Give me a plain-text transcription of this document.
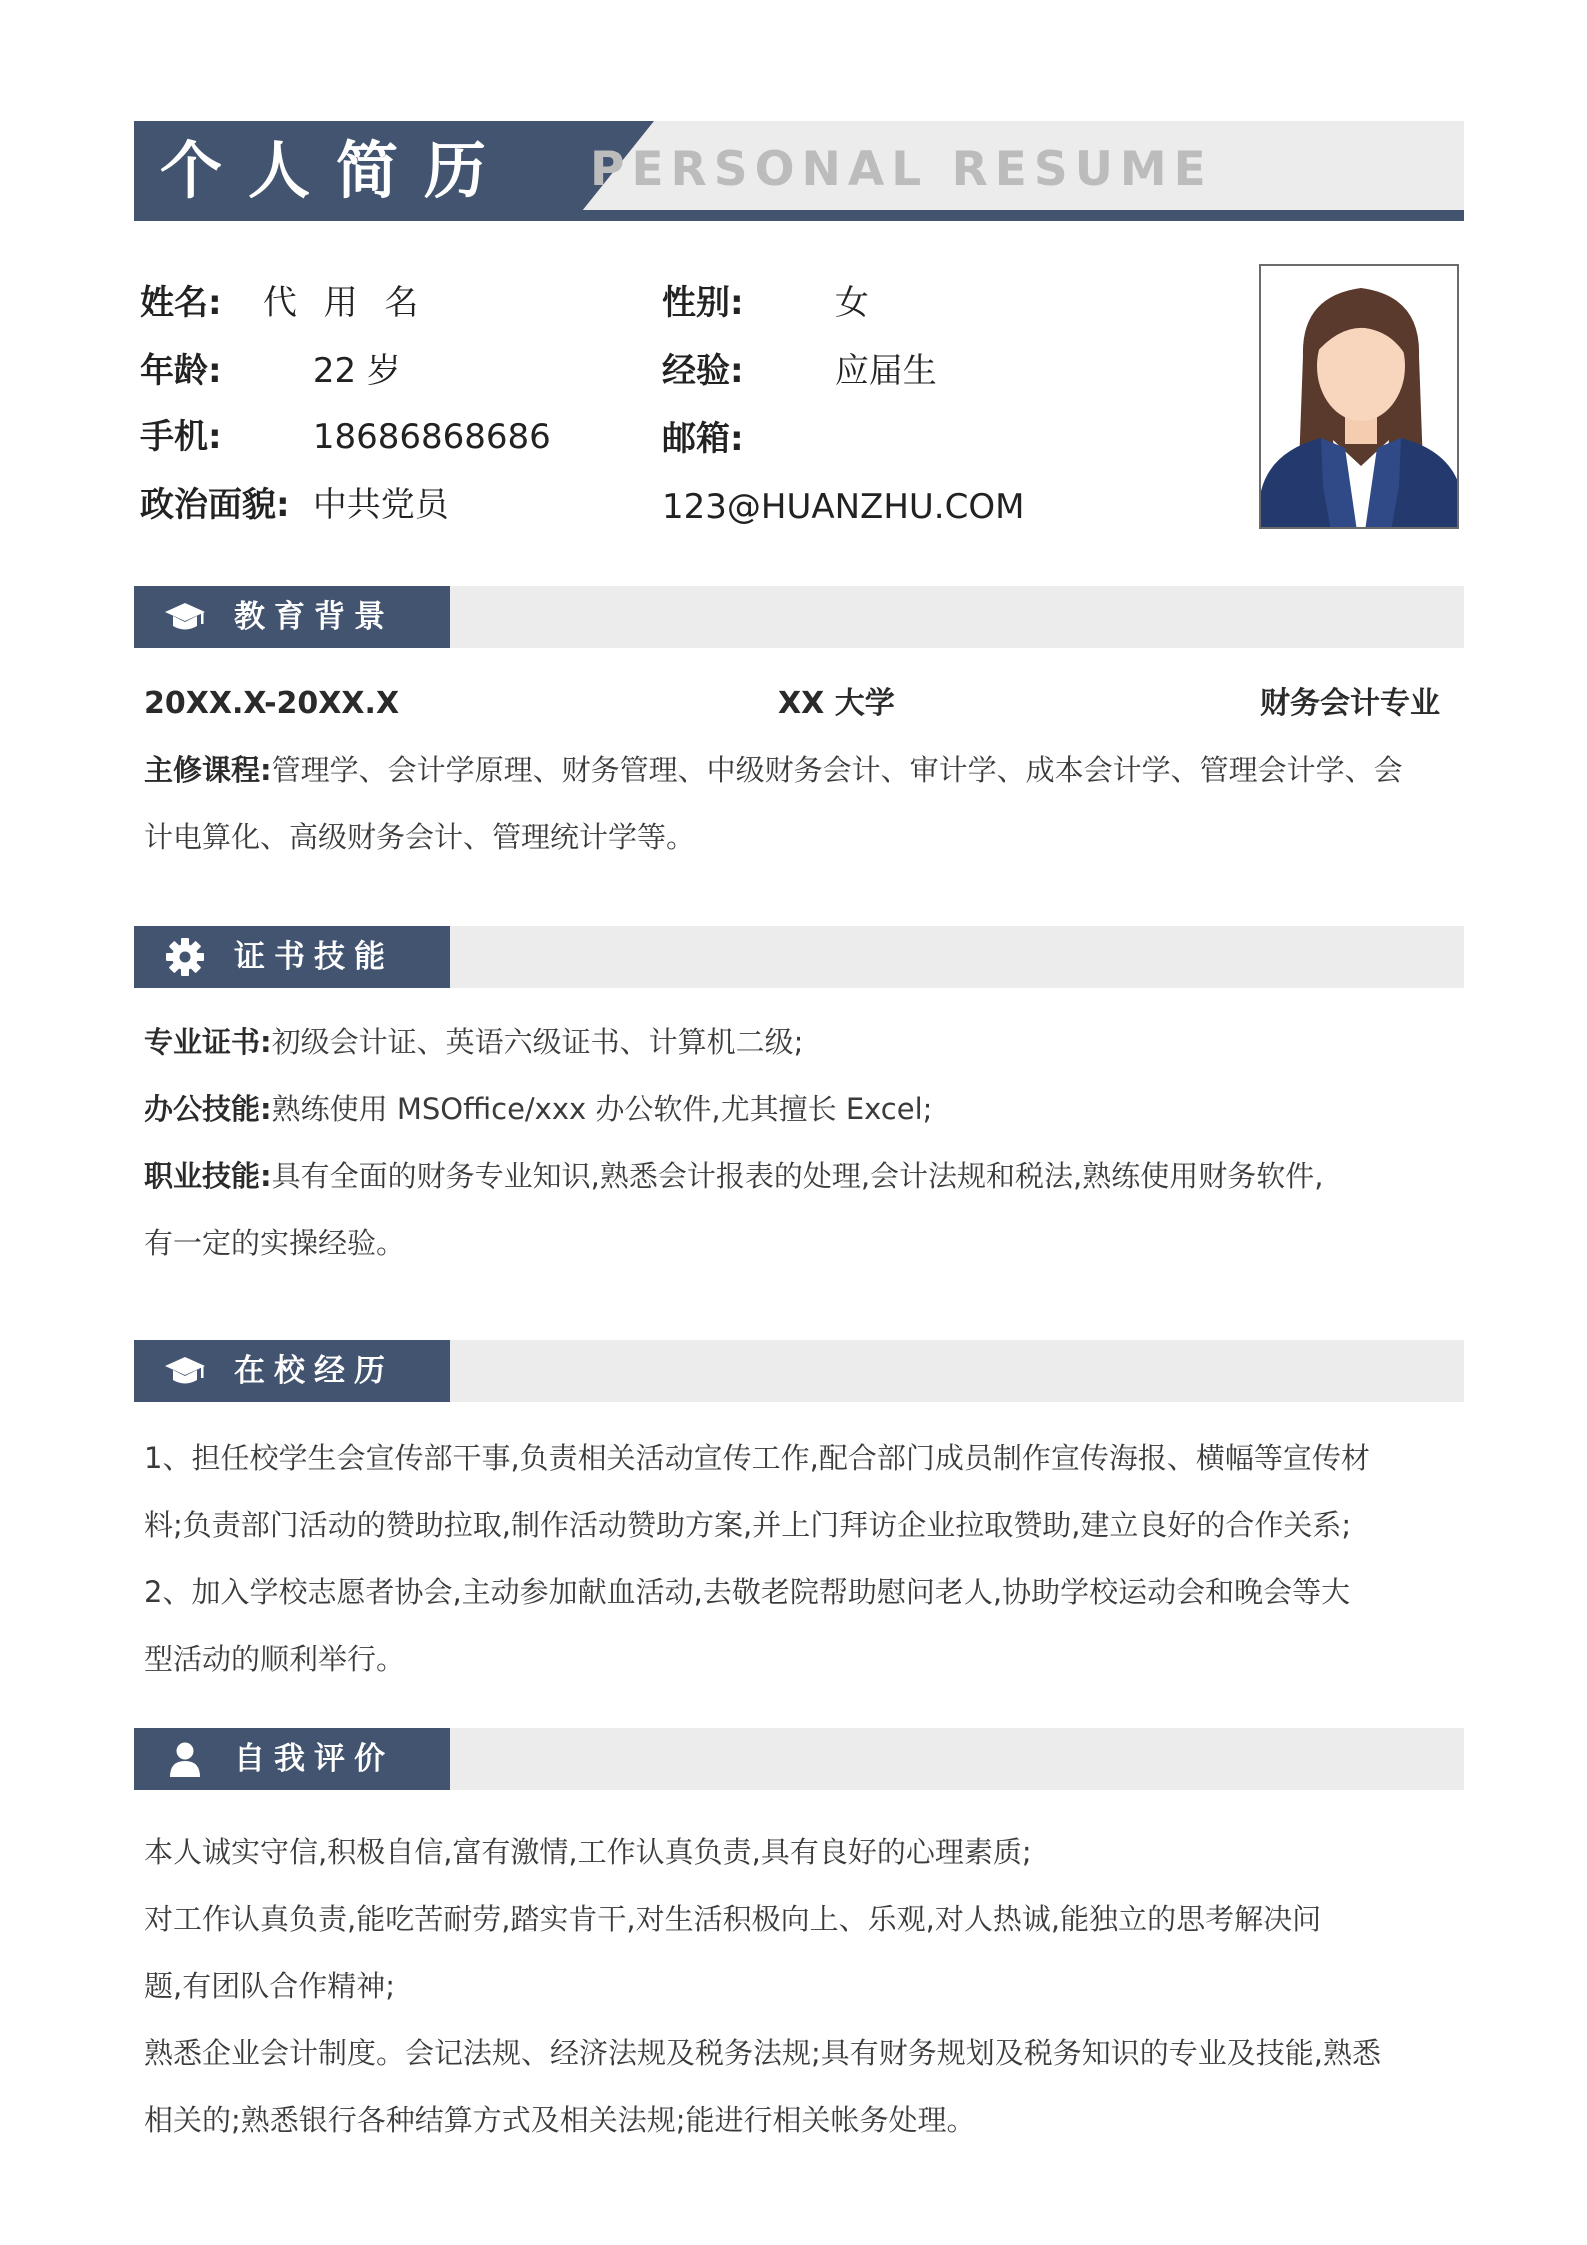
个人简历 PERSONAL RESUME
姓名: 代 用 名	性别:	女
年龄:	22 岁	经验:	应届生
手机:	18686868686	邮箱:
政治面貌: 中共党员	123@HUANZHU.COM
教育背景
20XX.X-20XX.X	XX 大学	财务会计专业
主修课程:管理学、会计学原理、财务管理、中级财务会计、审计学、成本会计学、管理会计学、会
计电算化、高级财务会计、管理统计学等。
证书技能
专业证书:初级会计证、英语六级证书、计算机二级;
办公技能:熟练使用 MSOffice/xxx 办公软件,尤其擅长 Excel;
职业技能:具有全面的财务专业知识,熟悉会计报表的处理,会计法规和税法,熟练使用财务软件,
有一定的实操经验。
在校经历
1、担任校学生会宣传部干事,负责相关活动宣传工作,配合部门成员制作宣传海报、横幅等宣传材
料;负责部门活动的赞助拉取,制作活动赞助方案,并上门拜访企业拉取赞助,建立良好的合作关系;
2、加入学校志愿者协会,主动参加献血活动,去敬老院帮助慰问老人,协助学校运动会和晚会等大
型活动的顺利举行。
自我评价
本人诚实守信,积极自信,富有激情,工作认真负责,具有良好的心理素质;
对工作认真负责,能吃苦耐劳,踏实肯干,对生活积极向上、乐观,对人热诚,能独立的思考解决问
题,有团队合作精神;
熟悉企业会计制度。会记法规、经济法规及税务法规;具有财务规划及税务知识的专业及技能,熟悉
相关的;熟悉银行各种结算方式及相关法规;能进行相关帐务处理。
